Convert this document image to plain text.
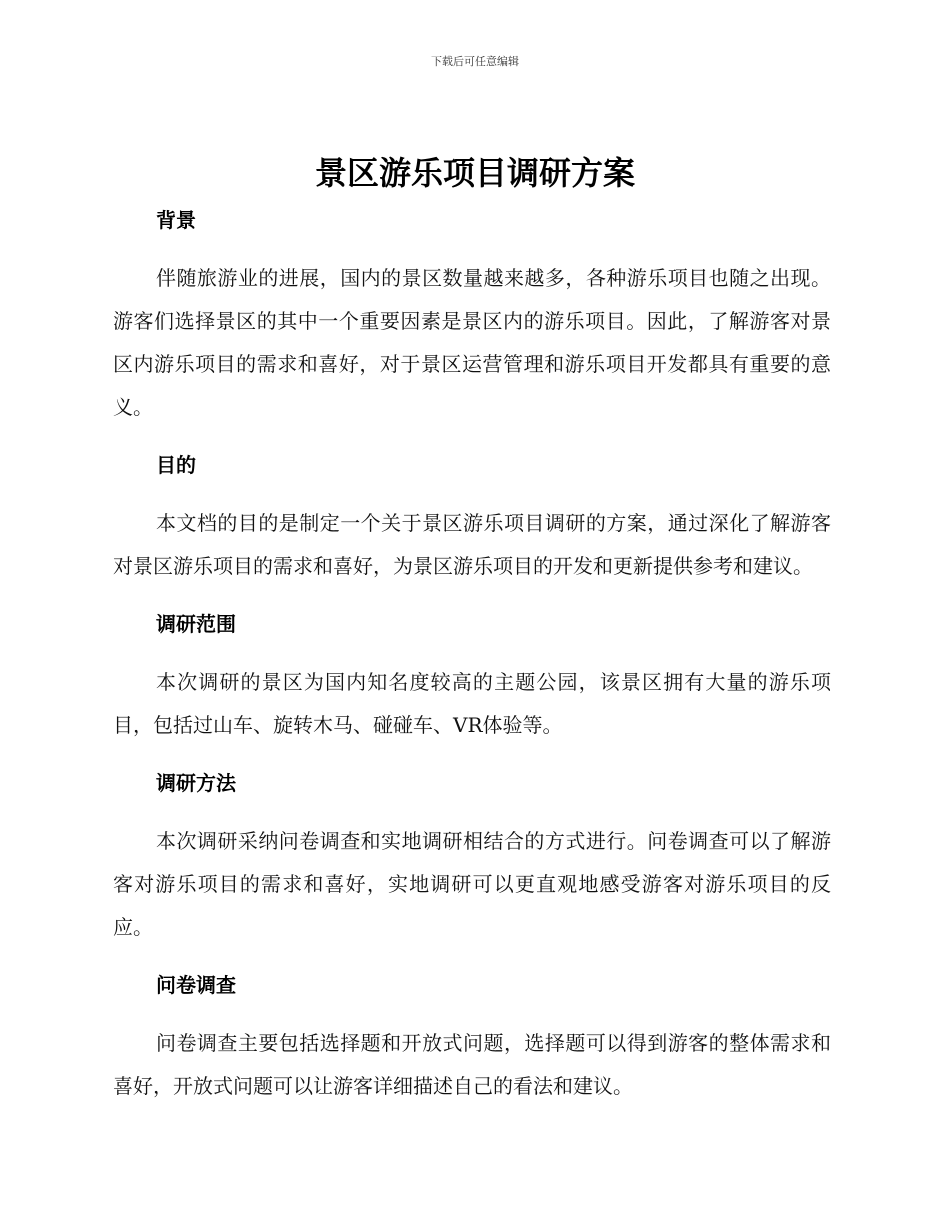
下载后可任意编辑
景区游乐项目调研方案
背景

伴随旅游业的进展，国内的景区数量越来越多，各种游乐项目也随之出现。游客们选择景区的其中一个重要因素是景区内的游乐项目。因此，了解游客对景区内游乐项目的需求和喜好，对于景区运营管理和游乐项目开发都具有重要的意义。

目的

本文档的目的是制定一个关于景区游乐项目调研的方案，通过深化了解游客对景区游乐项目的需求和喜好，为景区游乐项目的开发和更新提供参考和建议。

调研范围

本次调研的景区为国内知名度较高的主题公园，该景区拥有大量的游乐项目，包括过山车、旋转木马、碰碰车、VR体验等。

调研方法

本次调研采纳问卷调查和实地调研相结合的方式进行。问卷调查可以了解游客对游乐项目的需求和喜好，实地调研可以更直观地感受游客对游乐项目的反应。

问卷调查

问卷调查主要包括选择题和开放式问题，选择题可以得到游客的整体需求和喜好，开放式问题可以让游客详细描述自己的看法和建议。
